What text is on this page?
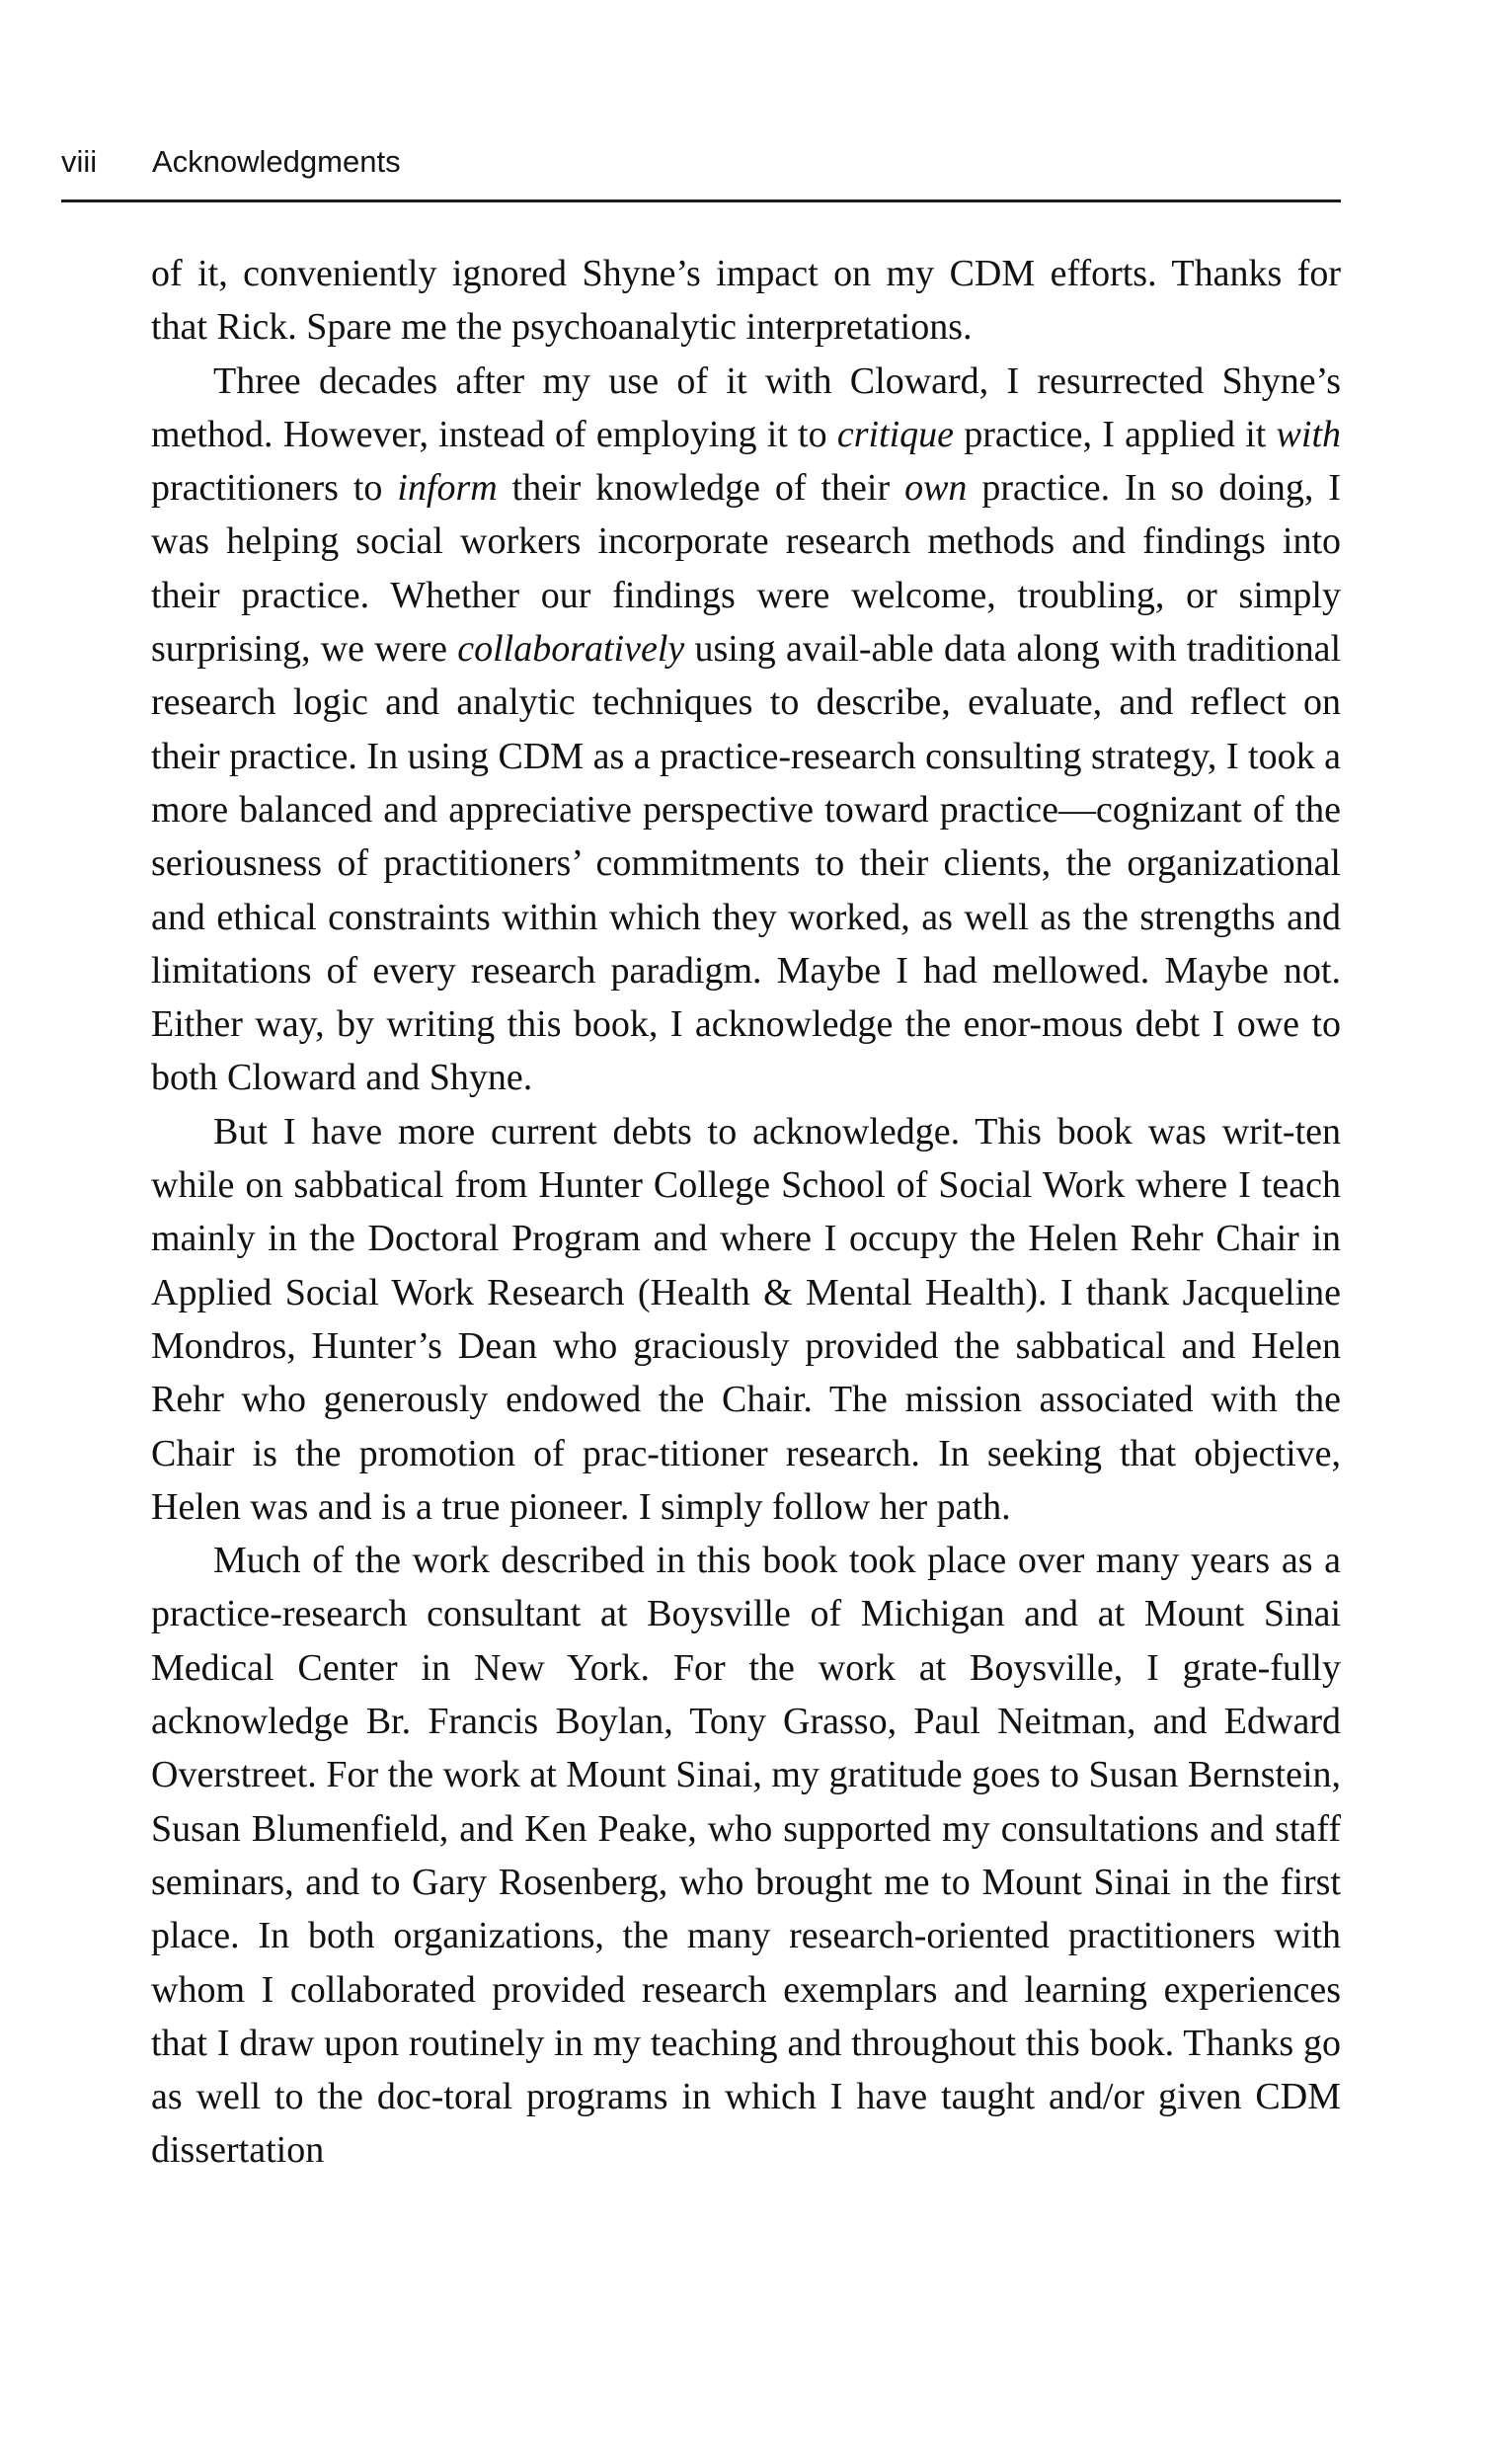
viii Acknowledgments

of it, conveniently ignored Shyne’s impact on my CDM efforts. Thanks for that Rick. Spare me the psychoanalytic interpretations.

Three decades after my use of it with Cloward, I resurrected Shyne’s method. However, instead of employing it to critique practice, I applied it with practitioners to inform their knowledge of their own practice. In so doing, I was helping social workers incorporate research methods and findings into their practice. Whether our findings were welcome, troubling, or simply surprising, we were collaboratively using avail-able data along with traditional research logic and analytic techniques to describe, evaluate, and reflect on their practice. In using CDM as a practice-research consulting strategy, I took a more balanced and appreciative perspective toward practice—cognizant of the seriousness of practitioners’ commitments to their clients, the organizational and ethical constraints within which they worked, as well as the strengths and limitations of every research paradigm. Maybe I had mellowed. Maybe not. Either way, by writing this book, I acknowledge the enor-mous debt I owe to both Cloward and Shyne.

But I have more current debts to acknowledge. This book was writ-ten while on sabbatical from Hunter College School of Social Work where I teach mainly in the Doctoral Program and where I occupy the Helen Rehr Chair in Applied Social Work Research (Health & Mental Health). I thank Jacqueline Mondros, Hunter’s Dean who graciously provided the sabbatical and Helen Rehr who generously endowed the Chair. The mission associated with the Chair is the promotion of prac-titioner research. In seeking that objective, Helen was and is a true pioneer. I simply follow her path.

Much of the work described in this book took place over many years as a practice-research consultant at Boysville of Michigan and at Mount Sinai Medical Center in New York. For the work at Boysville, I grate-fully acknowledge Br. Francis Boylan, Tony Grasso, Paul Neitman, and Edward Overstreet. For the work at Mount Sinai, my gratitude goes to Susan Bernstein, Susan Blumenfield, and Ken Peake, who supported my consultations and staff seminars, and to Gary Rosenberg, who brought me to Mount Sinai in the first place. In both organizations, the many research-oriented practitioners with whom I collaborated provided research exemplars and learning experiences that I draw upon routinely in my teaching and throughout this book. Thanks go as well to the doc-toral programs in which I have taught and/or given CDM dissertation
